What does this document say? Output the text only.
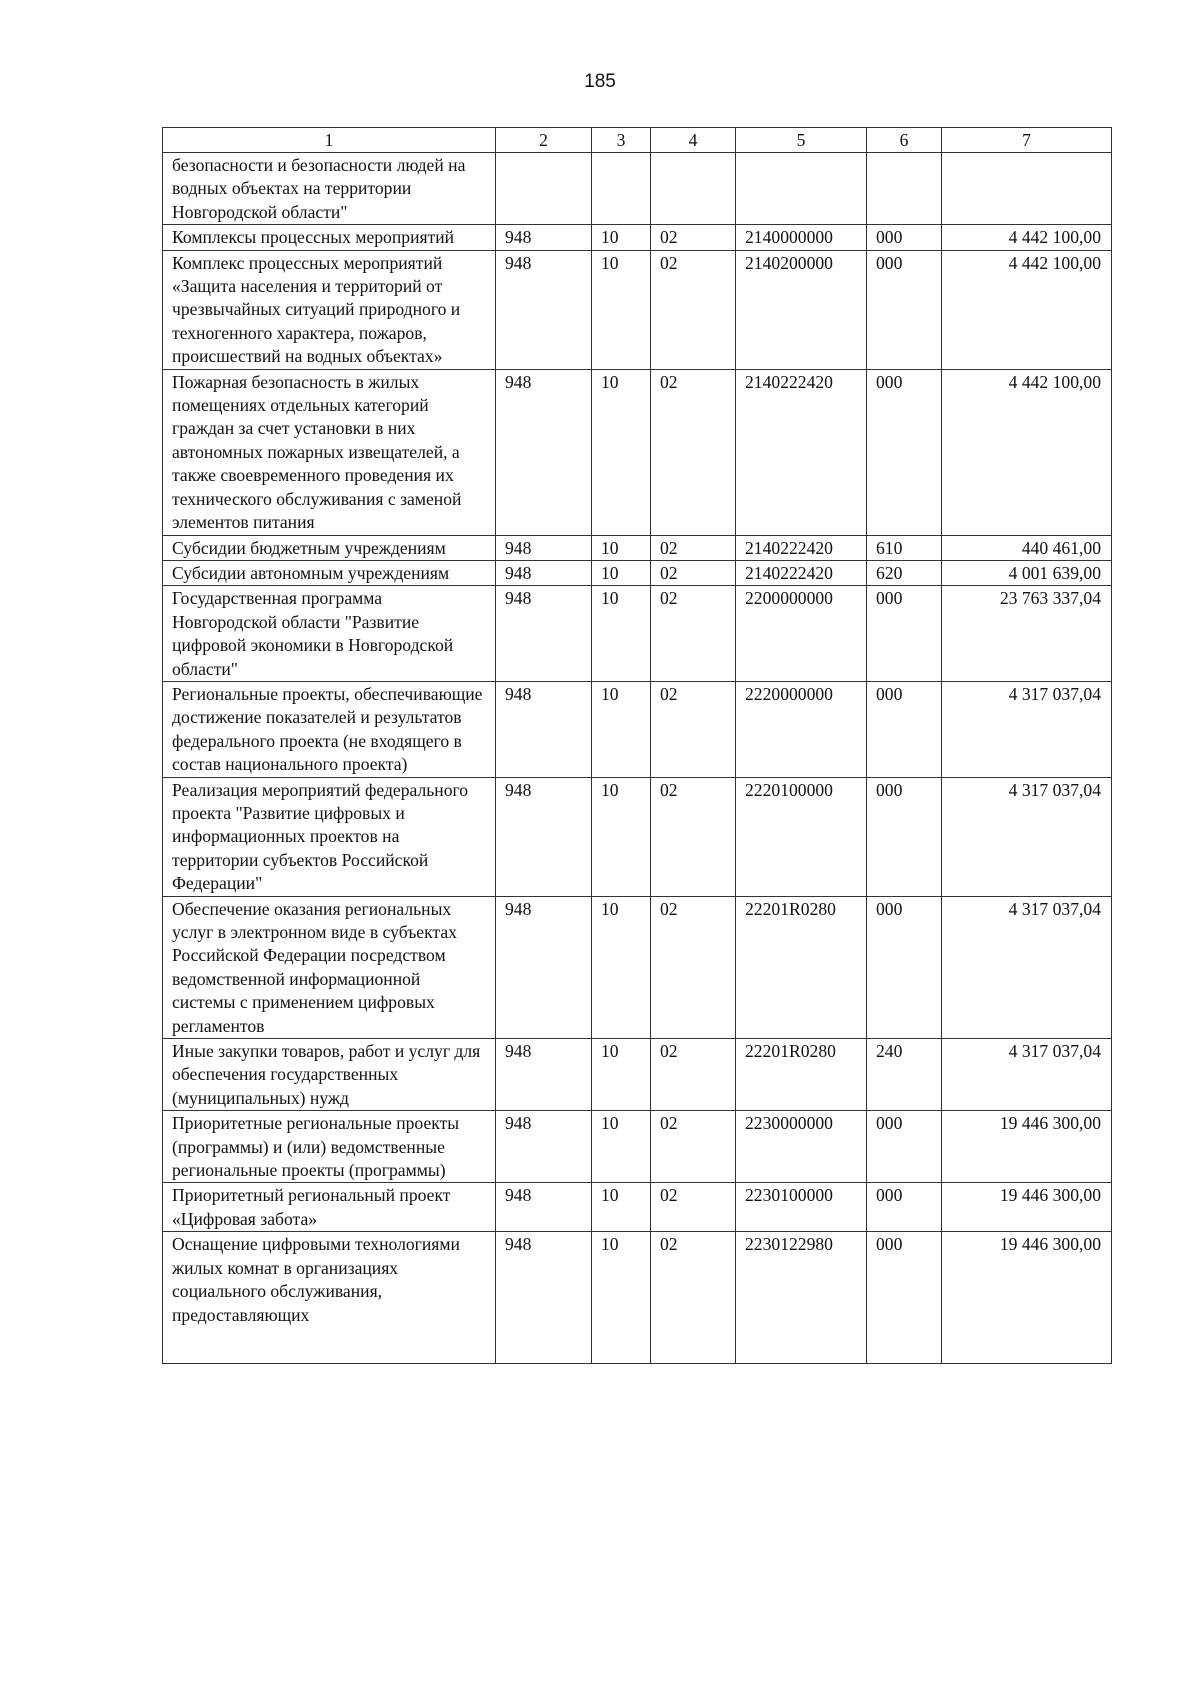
185
1	2	3	4	5	6	7
безопасности и безопасности людей на водных объектах на территории Новгородской области"						
Комплексы процессных мероприятий	948	10	02	2140000000	000	4 442 100,00
Комплекс процессных мероприятий «Защита населения и территорий от чрезвычайных ситуаций природного и техногенного характера, пожаров, происшествий на водных объектах»	948	10	02	2140200000	000	4 442 100,00
Пожарная безопасность в жилых помещениях отдельных категорий граждан за счет установки в них автономных пожарных извещателей, а также своевременного проведения их технического обслуживания с заменой элементов питания	948	10	02	2140222420	000	4 442 100,00
Субсидии бюджетным учреждениям	948	10	02	2140222420	610	440 461,00
Субсидии автономным учреждениям	948	10	02	2140222420	620	4 001 639,00
Государственная программа Новгородской области "Развитие цифровой экономики в Новгородской области"	948	10	02	2200000000	000	23 763 337,04
Региональные проекты, обеспечивающие достижение показателей и результатов федерального проекта (не входящего в состав национального проекта)	948	10	02	2220000000	000	4 317 037,04
Реализация мероприятий федерального проекта "Развитие цифровых и информационных проектов на территории субъектов Российской Федерации"	948	10	02	2220100000	000	4 317 037,04
Обеспечение оказания региональных услуг в электронном виде в субъектах Российской Федерации посредством ведомственной информационной системы с применением цифровых регламентов	948	10	02	22201R0280	000	4 317 037,04
Иные закупки товаров, работ и услуг для обеспечения государственных (муниципальных) нужд	948	10	02	22201R0280	240	4 317 037,04
Приоритетные региональные проекты (программы) и (или) ведомственные региональные проекты (программы)	948	10	02	2230000000	000	19 446 300,00
Приоритетный региональный проект «Цифровая забота»	948	10	02	2230100000	000	19 446 300,00
Оснащение цифровыми технологиями жилых комнат в организациях социального обслуживания, предоставляющих	948	10	02	2230122980	000	19 446 300,00
